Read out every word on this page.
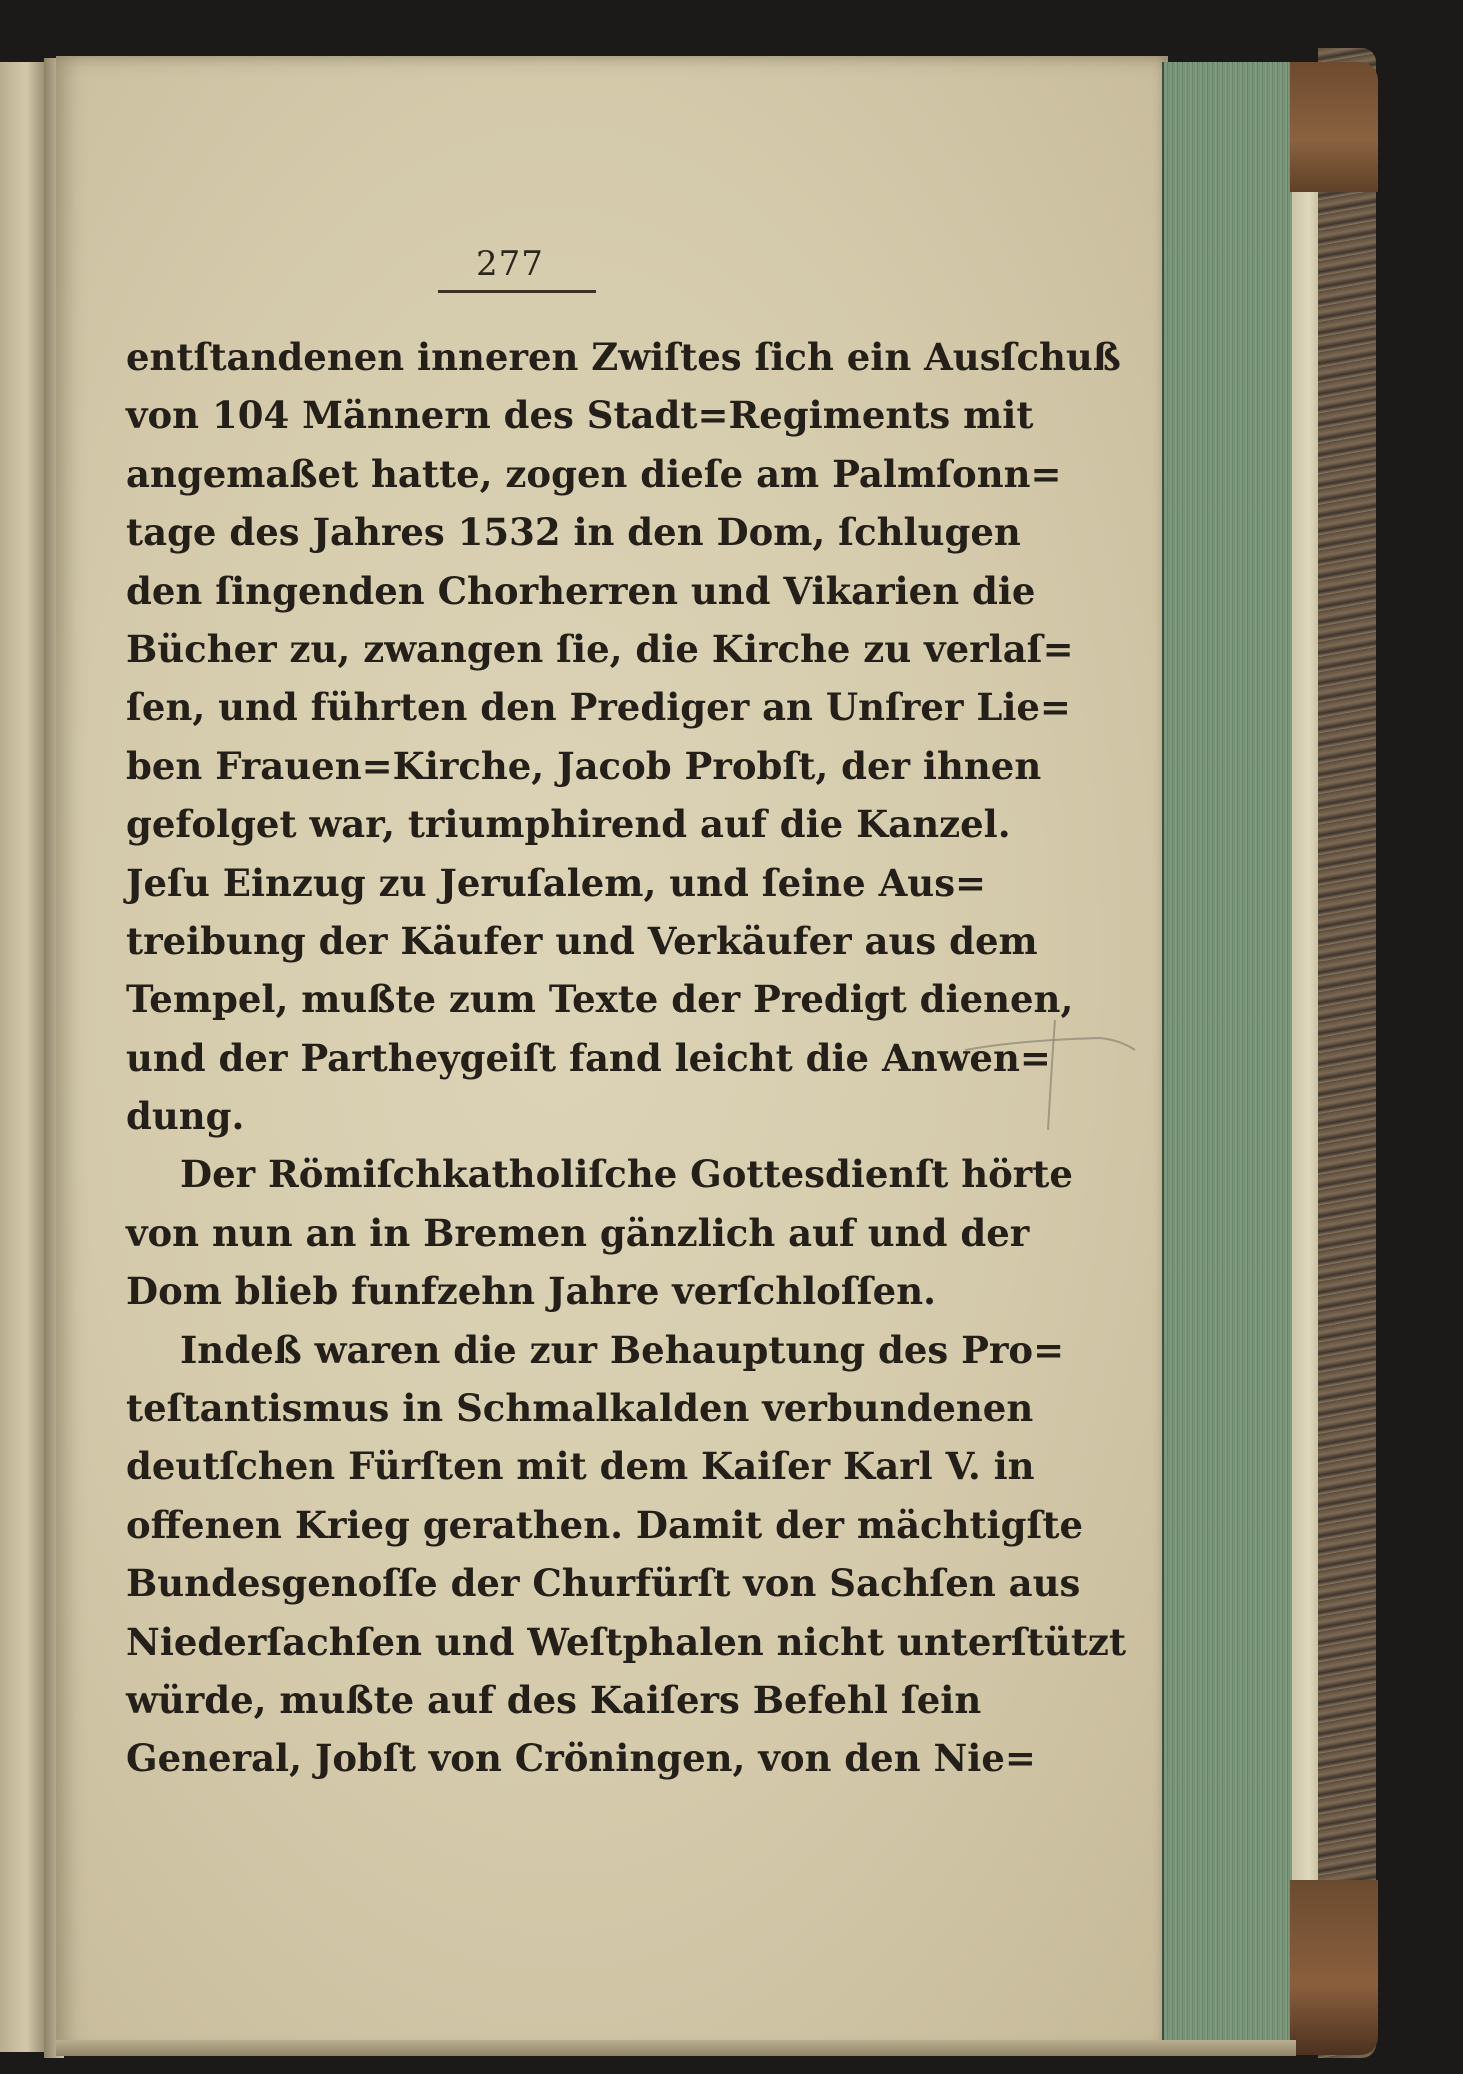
277
entſtandenen inneren Zwiſtes ſich ein Ausſchuß
von 104 Männern des Stadt=Regiments mit
angemaßet hatte, zogen dieſe am Palmſonn=
tage des Jahres 1532 in den Dom, ſchlugen
den ſingenden Chorherren und Vikarien die
Bücher zu, zwangen ſie, die Kirche zu verlaſ=
ſen, und führten den Prediger an Unſrer Lie=
ben Frauen=Kirche, Jacob Probſt, der ihnen
gefolget war, triumphirend auf die Kanzel.
Jeſu Einzug zu Jeruſalem, und ſeine Aus=
treibung der Käufer und Verkäufer aus dem
Tempel, mußte zum Texte der Predigt dienen,
und der Partheygeiſt fand leicht die Anwen=
dung.
Der Römiſchkatholiſche Gottesdienſt hörte
von nun an in Bremen gänzlich auf und der
Dom blieb funfzehn Jahre verſchloſſen.
Indeß waren die zur Behauptung des Pro=
teſtantismus in Schmalkalden verbundenen
deutſchen Fürſten mit dem Kaiſer Karl V. in
offenen Krieg gerathen. Damit der mächtigſte
Bundesgenoſſe der Churfürſt von Sachſen aus
Niederſachſen und Weſtphalen nicht unterſtützt
würde, mußte auf des Kaiſers Befehl ſein
General, Jobſt von Cröningen, von den Nie=
